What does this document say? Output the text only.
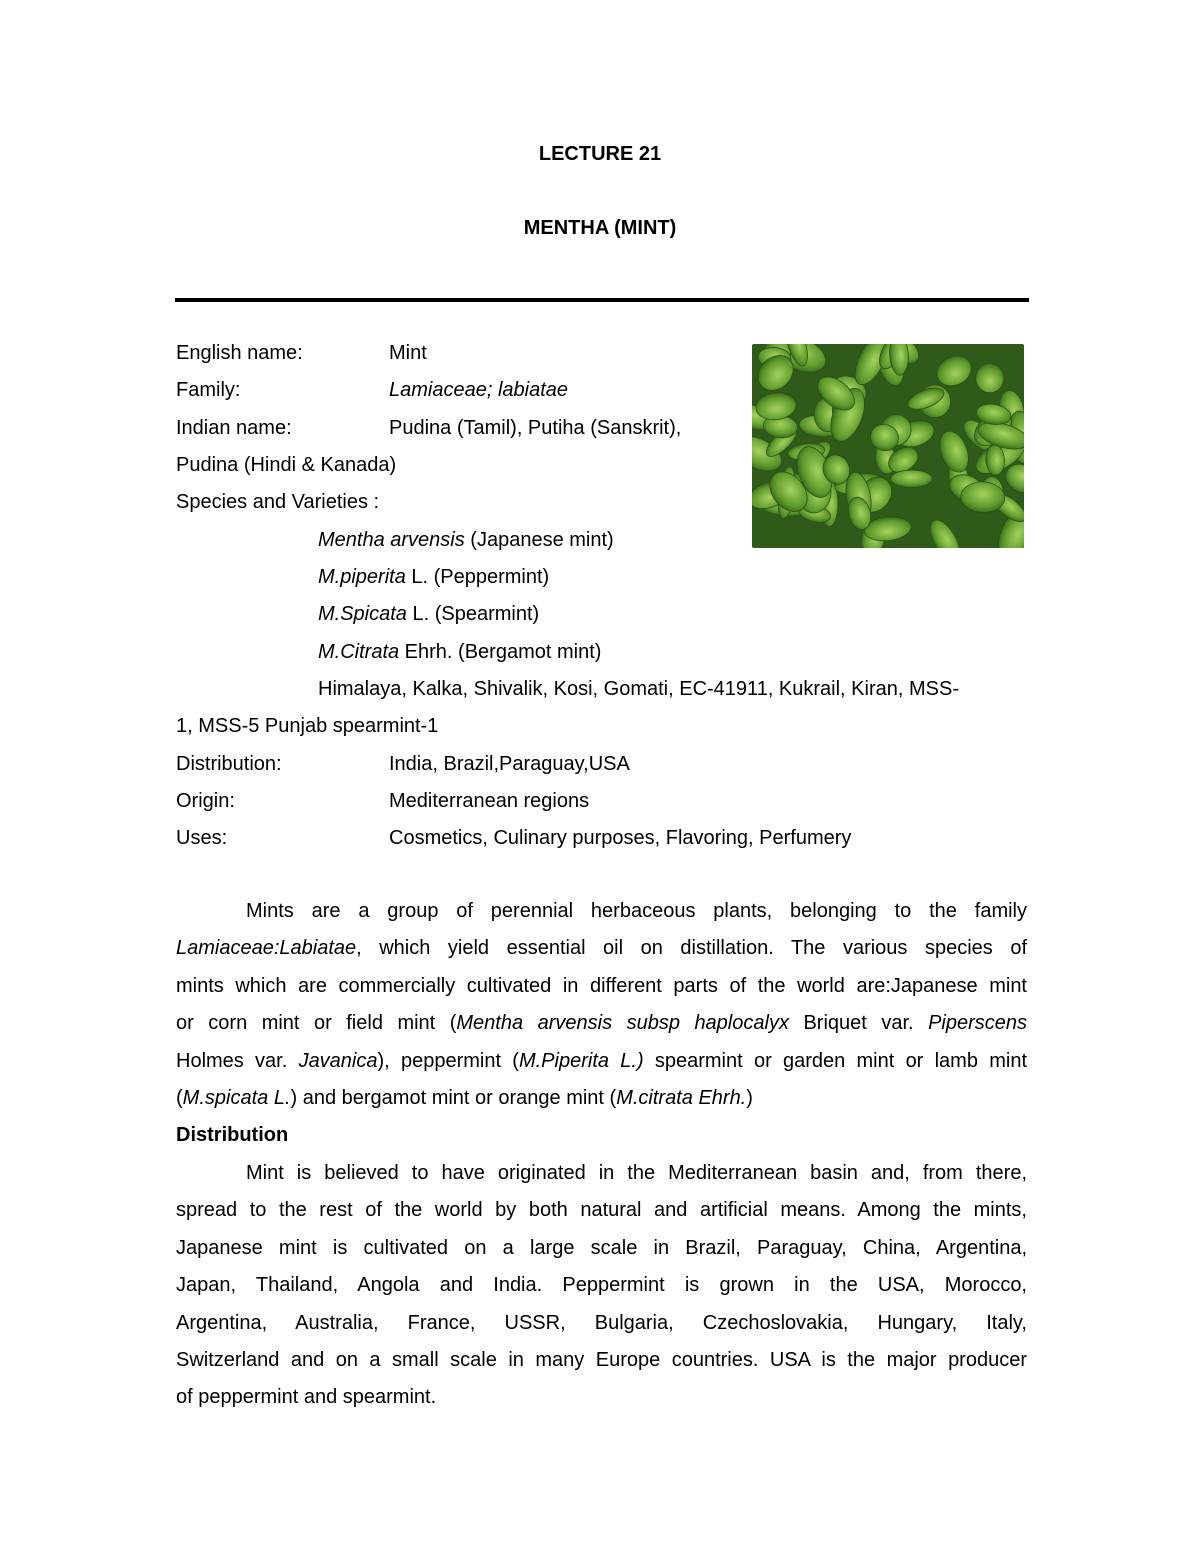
LECTURE 21
MENTHA (MINT)
English name:	Mint
Family:	Lamiaceae; labiatae
Indian name:	Pudina (Tamil), Putiha (Sanskrit),
Pudina (Hindi & Kanada)
Species and Varieties :
Mentha arvensis (Japanese mint)
M.piperita L. (Peppermint)
M.Spicata L. (Spearmint)
M.Citrata Ehrh. (Bergamot mint)
Himalaya, Kalka, Shivalik, Kosi, Gomati, EC-41911, Kukrail, Kiran, MSS-
1, MSS-5 Punjab spearmint-1
Distribution:	India, Brazil,Paraguay,USA
Origin:	Mediterranean regions
Uses:	Cosmetics, Culinary purposes, Flavoring, Perfumery
Mints are a group of perennial herbaceous plants, belonging to the family
Lamiaceae:Labiatae, which yield essential oil on distillation. The various species of
mints which are commercially cultivated in different parts of the world are:Japanese mint
or corn mint or field mint (Mentha arvensis subsp haplocalyx Briquet var. Piperscens
Holmes var. Javanica), peppermint (M.Piperita L.) spearmint or garden mint or lamb mint
(M.spicata L.) and bergamot mint or orange mint (M.citrata Ehrh.)
Distribution
Mint is believed to have originated in the Mediterranean basin and, from there,
spread to the rest of the world by both natural and artificial means. Among the mints,
Japanese mint is cultivated on a large scale in Brazil, Paraguay, China, Argentina,
Japan, Thailand, Angola and India. Peppermint is grown in the USA, Morocco,
Argentina, Australia, France, USSR, Bulgaria, Czechoslovakia, Hungary, Italy,
Switzerland and on a small scale in many Europe countries. USA is the major producer
of peppermint and spearmint.
